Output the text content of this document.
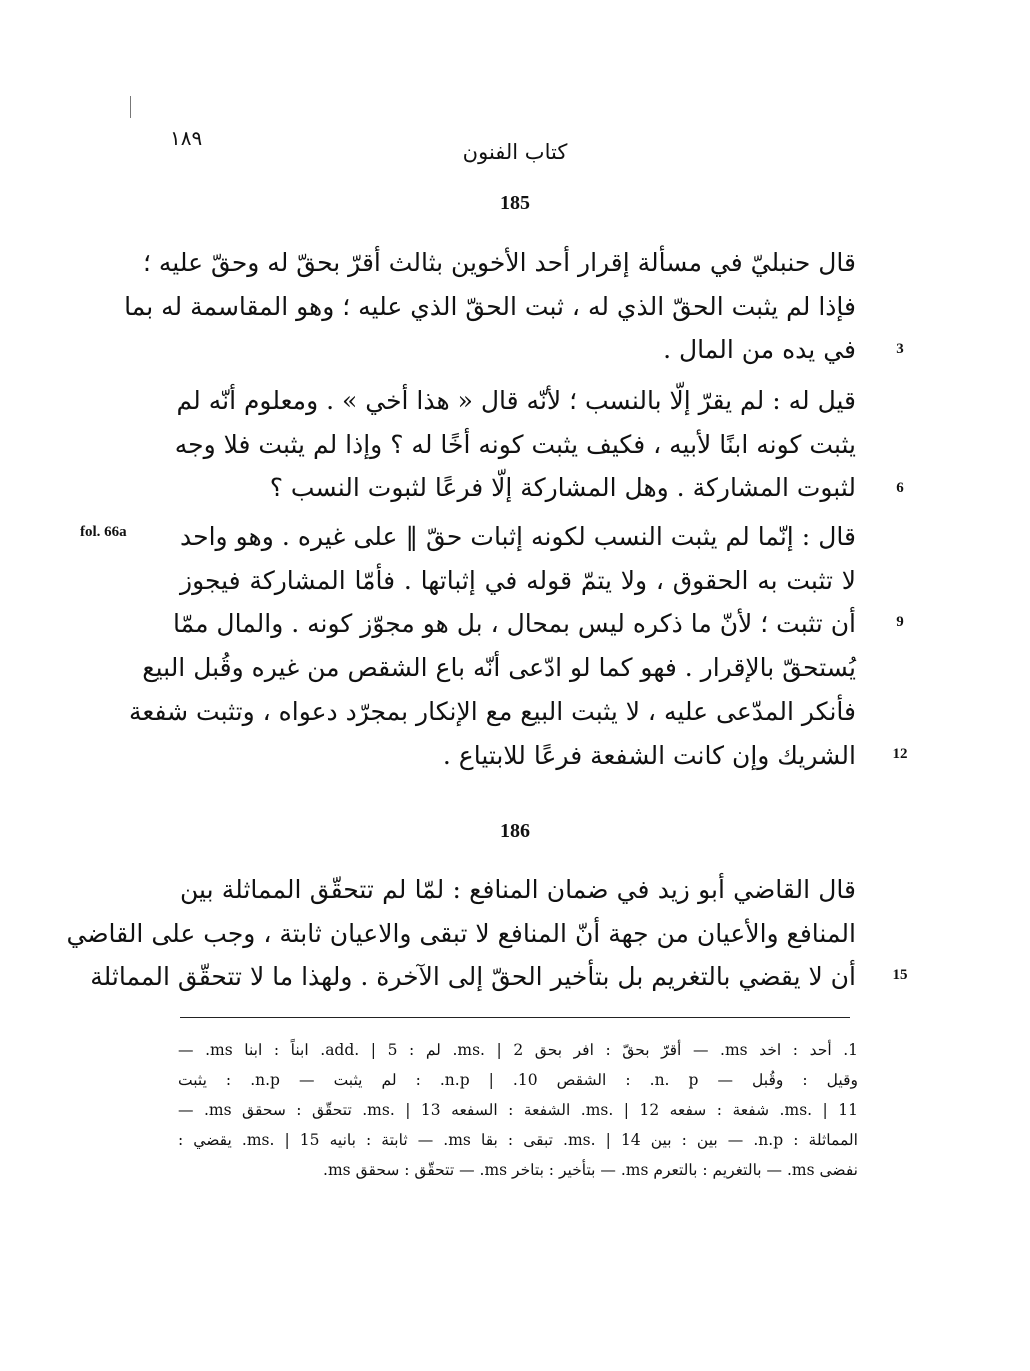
١٨٩
كتاب الفنون
185
قال حنبليّ في مسألة إقرار أحد الأخوين بثالث أقرّ بحقّ له وحقّ عليه ؛
فإذا لم يثبت الحقّ الذي له ، ثبت الحقّ الذي عليه ؛ وهو المقاسمة له بما
في يده من المال .	3
قيل له : لم يقرّ إلّا بالنسب ؛ لأنّه قال « هذا أخي » . ومعلوم أنّه لم
يثبت كونه ابنًا لأبيه ، فكيف يثبت كونه أخًا له ؟ وإذا لم يثبت فلا وجه
لثبوت المشاركة . وهل المشاركة إلّا فرعًا لثبوت النسب ؟	6
fol. 66a قال : إنّما لم يثبت النسب لكونه إثبات حقّ ‖ على غيره . وهو واحد
لا تثبت به الحقوق ، ولا يتمّ قوله في إثباتها . فأمّا المشاركة فيجوز
أن تثبت ؛ لأنّ ما ذكره ليس بمحال ، بل هو مجوّز كونه . والمال ممّا	9
يُستحقّ بالإقرار . فهو كما لو ادّعى أنّه باع الشقص من غيره وقُبل البيع
فأنكر المدّعى عليه ، لا يثبت البيع مع الإنكار بمجرّد دعواه ، وتثبت شفعة
الشريك وإن كانت الشفعة فرعًا للابتياع .	12
186
قال القاضي أبو زيد في ضمان المنافع : لمّا لم تتحقّق المماثلة بين
المنافع والأعيان من جهة أنّ المنافع لا تبقى والاعيان ثابتة ، وجب على القاضي
أن لا يقضي بالتغريم بل بتأخير الحقّ إلى الآخرة . ولهذا ما لا تتحقّق المماثلة	15
1. أحد : اخد ms. — أقرّ بحقّ : افر بحق ms. | 2. لم : add. | 5. ابناً : ابنا ms. —
وقيل : وقُبل — n. p. : الشقص 10. | n.p. : لم يثبت — n.p. : يثبت
ms. | 11. شفعة : سفعه ms. | 12. الشفعة : السفعه ms. | 13. تتحقّق : سحقق ms. —
المماثلة : n.p. — بين : بين ms. | 14. تبقى : بقا ms. — ثابتة : بانيه ms. | 15. يقضي :
نفضى ms. — بالتغريم : بالتعرم ms. — بتأخير : بتاخر ms. — تتحقّق : سحقق ms.
